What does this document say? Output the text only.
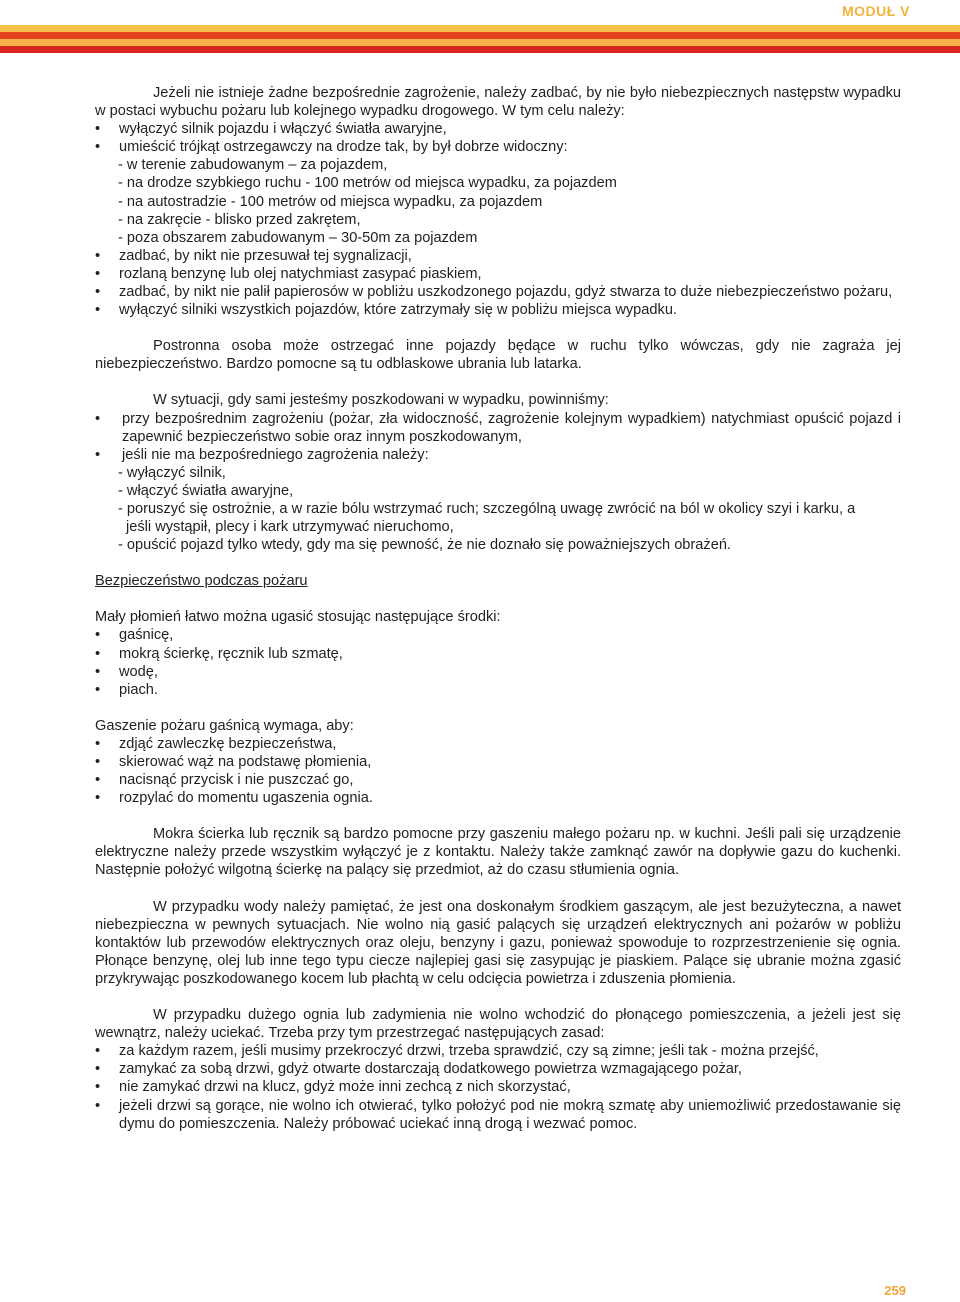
MODUŁ V

Jeżeli nie istnieje żadne bezpośrednie zagrożenie, należy zadbać, by nie było niebezpiecznych następstw wypadku w postaci wybuchu pożaru lub kolejnego wypadku drogowego. W tym celu należy:

• wyłączyć silnik pojazdu i włączyć światła awaryjne,
• umieścić trójkąt ostrzegawczy na drodze tak, by był dobrze widoczny:

- w terenie zabudowanym – za pojazdem,

- na drodze szybkiego ruchu - 100 metrów od miejsca wypadku, za pojazdem

- na autostradzie - 100 metrów od miejsca wypadku, za pojazdem

- na zakręcie - blisko przed zakrętem,

- poza obszarem zabudowanym – 30-50m za pojazdem

• zadbać, by nikt nie przesuwał tej sygnalizacji,
• rozlaną benzynę lub olej natychmiast zasypać piaskiem,
• zadbać, by nikt nie palił papierosów w pobliżu uszkodzonego pojazdu, gdyż stwarza to duże niebezpieczeństwo pożaru,
• wyłączyć silniki wszystkich pojazdów, które zatrzymały się w pobliżu miejsca wypadku.

Postronna osoba może ostrzegać inne pojazdy będące w ruchu tylko wówczas, gdy nie zagraża jej niebezpieczeństwo. Bardzo pomocne są tu odblaskowe ubrania lub latarka.

W sytuacji, gdy sami jesteśmy poszkodowani w wypadku, powinniśmy:

• przy bezpośrednim zagrożeniu (pożar, zła widoczność, zagrożenie kolejnym wypadkiem) natychmiast opuścić pojazd i zapewnić bezpieczeństwo sobie oraz innym poszkodowanym,
• jeśli nie ma bezpośredniego zagrożenia należy:

- wyłączyć silnik,

- włączyć światła awaryjne,

- poruszyć się ostrożnie, a w razie bólu wstrzymać ruch; szczególną uwagę zwrócić na ból w okolicy szyi i karku, a

jeśli wystąpił, plecy i kark utrzymywać nieruchomo,

- opuścić pojazd tylko wtedy, gdy ma się pewność, że nie doznało się poważniejszych obrażeń.

Bezpieczeństwo podczas pożaru

Mały płomień łatwo można ugasić stosując następujące środki:

• gaśnicę,
• mokrą ścierkę, ręcznik lub szmatę,
• wodę,
• piach.

Gaszenie pożaru gaśnicą wymaga, aby:

• zdjąć zawleczkę bezpieczeństwa,
• skierować wąż na podstawę płomienia,
• nacisnąć przycisk i nie puszczać go,
• rozpylać do momentu ugaszenia ognia.

Mokra ścierka lub ręcznik są bardzo pomocne przy gaszeniu małego pożaru np. w kuchni. Jeśli pali się urządzenie elektryczne należy przede wszystkim wyłączyć je z kontaktu. Należy także zamknąć zawór na dopływie gazu do kuchenki. Następnie położyć wilgotną ścierkę na palący się przedmiot, aż do czasu stłumienia ognia.

W przypadku wody należy pamiętać, że jest ona doskonałym środkiem gaszącym, ale jest bezużyteczna, a nawet niebezpieczna w pewnych sytuacjach. Nie wolno nią gasić palących się urządzeń elektrycznych ani pożarów w pobliżu kontaktów lub przewodów elektrycznych oraz oleju, benzyny i gazu, ponieważ spowoduje to rozprzestrzenienie się ognia. Płonące benzynę, olej lub inne tego typu ciecze najlepiej gasi się zasypując je piaskiem. Palące się ubranie można zgasić przykrywając poszkodowanego kocem lub płachtą w celu odcięcia powietrza i zduszenia płomienia.

W przypadku dużego ognia lub zadymienia nie wolno wchodzić do płonącego pomieszczenia, a jeżeli jest się wewnątrz, należy uciekać. Trzeba przy tym przestrzegać następujących zasad:

• za każdym razem, jeśli musimy przekroczyć drzwi, trzeba sprawdzić, czy są zimne; jeśli tak - można przejść,
• zamykać za sobą drzwi, gdyż otwarte dostarczają dodatkowego powietrza wzmagającego pożar,
• nie zamykać drzwi na klucz, gdyż może inni zechcą z nich skorzystać,
• jeżeli drzwi są gorące, nie wolno ich otwierać, tylko położyć pod nie mokrą szmatę aby uniemożliwić przedostawanie się dymu do pomieszczenia. Należy próbować uciekać inną drogą i wezwać pomoc.
259
